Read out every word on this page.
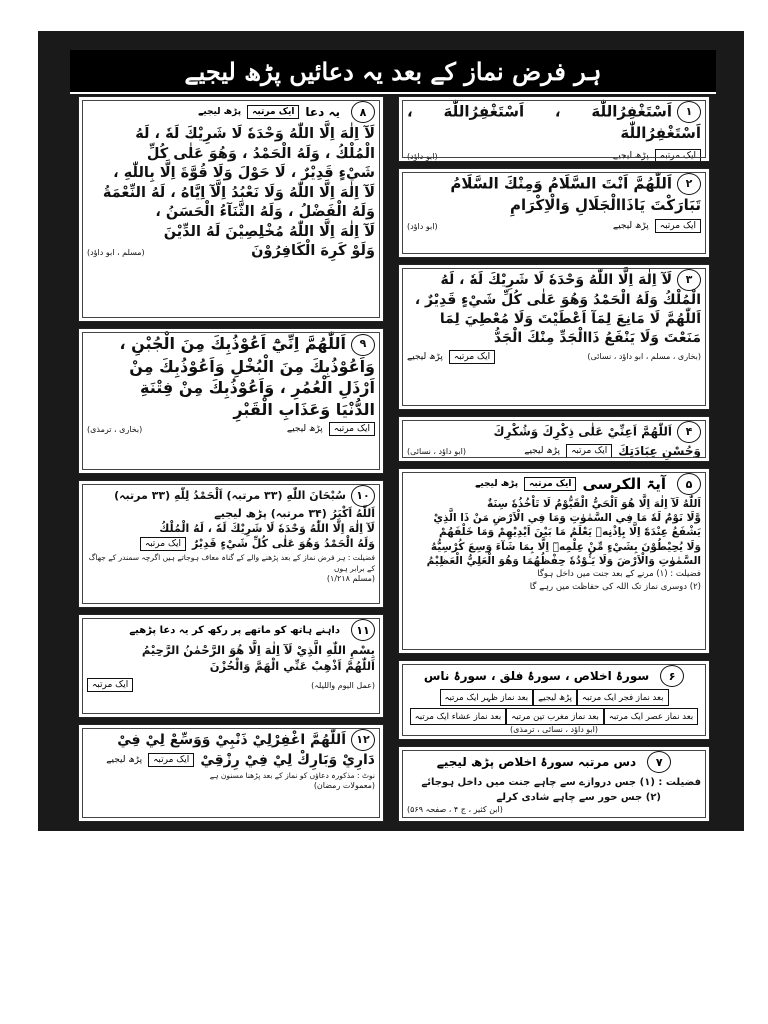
ہر فرض نماز کے بعد یہ دعائیں پڑھ لیجیے
۱اَسْتَغْفِرُاللّٰهَ ، اَسْتَغْفِرُاللّٰهَ ، اَسْتَغْفِرُاللّٰهَ
ایک مرتبہ
پڑھ لیجیے
(ابو داؤد)
۲اَللّٰهُمَّ اَنْتَ السَّلَامُ وَمِنْكَ السَّلَامُ
تَبَارَكْتَ يَاذَاالْجَلَالِ وَالْاِكْرَامِ
ایک مرتبہ
پڑھ لیجیے
(ابو داؤد)
۳لَآ اِلٰهَ اِلَّا اللّٰهُ وَحْدَهٗ لَا شَرِيْكَ لَهٗ ، لَهُ
الْمُلْكُ وَلَهُ الْحَمْدُ وَهُوَ عَلٰى كُلِّ شَيْءٍ قَدِيْرٌ ،
اَللّٰهُمَّ لَا مَانِعَ لِمَآ اَعْطَيْتَ وَلَا مُعْطِيَ لِمَا
مَنَعْتَ وَلَا يَنْفَعُ ذَاالْجَدِّ مِنْكَ الْجَدُّ
(بخاری ، مسلم ، ابو داؤد ، نسائی)
ایک مرتبہ
پڑھ لیجیے
۴اَللّٰهُمَّ اَعِنِّيْ عَلٰى ذِكْرِكَ وَشُكْرِكَ
وَحُسْنِ عِبَادَتِكَ
ایک مرتبہ
پڑھ لیجیے
(ابو داؤد ، نسائی)
۵
آیۃ الکرسی
ایک مرتبہ
پڑھ لیجیے
اَللّٰهُ لَآ اِلٰهَ اِلَّا هُوَ اَلْحَيُّ الْقَيُّوْمُ لَا تَاْخُذُهٗ سِنَةٌ
وَّلَا نَوْمٌ لَهٗ مَا فِي السَّمٰوٰتِ وَمَا فِي الْاَرْضِ مَنْ ذَا الَّذِيْ
يَشْفَعُ عِنْدَهٗٓ اِلَّا بِاِذْنِهٖ يَعْلَمُ مَا بَيْنَ اَيْدِيْهِمْ وَمَا خَلْفَهُمْ
وَلَا يُحِيْطُوْنَ بِشَيْءٍ مِّنْ عِلْمِهٖٓ اِلَّا بِمَا شَآءَ وَسِعَ كُرْسِيُّهُ
السَّمٰوٰتِ وَالْاَرْضَ وَلَا يَـُٔوْدُهٗ حِفْظُهُمَا وَهُوَ الْعَلِيُّ الْعَظِيْمُ
فضیلت : (۱) مرنے کے بعد جنت میں داخل ہوگا
(۲) دوسری نماز تک اللہ کی حفاظت میں رہے گا
۶
سورۂ اخلاص ، سورۂ فلق ، سورۂ ناس
بعد نماز فجر ایک مرتبہ
پڑھ لیجیے
بعد نماز ظہر ایک مرتبہ
بعد نماز عصر ایک مرتبہ
بعد نماز مغرب تین مرتبہ
بعد نماز عشاء ایک مرتبہ
(ابو داؤد ، نسائی ، ترمذی)
۷
دس مرتبہ سورۂ اخلاص پڑھ لیجیے
فضیلت : (۱) جس دروازے سے چاہے جنت میں داخل ہوجائے
(۲) جس حور سے چاہے شادی کرلے
(ابن کثیر ، ج ۴ ، صفحہ ۵۶۹)
۸
یہ دعا
ایک مرتبہ
پڑھ لیجیے
لَآ اِلٰهَ اِلَّا اللّٰهُ وَحْدَهٗ لَا شَرِيْكَ لَهٗ ، لَهُ
الْمُلْكُ ، وَلَهُ الْحَمْدُ ، وَهُوَ عَلٰى كُلِّ
شَيْءٍ قَدِيْرٌ ، لَا حَوْلَ وَلَا قُوَّةَ اِلَّا بِاللّٰهِ ،
لَآ اِلٰهَ اِلَّا اللّٰهُ وَلَا نَعْبُدُ اِلَّآ اِيَّاهُ ، لَهُ النِّعْمَةُ
وَلَهُ الْفَضْلُ ، وَلَهُ الثَّنَآءُ الْحَسَنُ ،
لَآ اِلٰهَ اِلَّا اللّٰهُ مُخْلِصِيْنَ لَهُ الدِّيْنَ
وَلَوْ كَرِهَ الْكَافِرُوْنَ
(مسلم ، ابو داؤد)
۹اَللّٰهُمَّ اِنِّيْٓ اَعُوْذُبِكَ مِنَ الْجُبْنِ ،
وَاَعُوْذُبِكَ مِنَ الْبُخْلِ وَاَعُوْذُبِكَ مِنْ
اَرْذَلِ الْعُمُرِ ، وَاَعُوْذُبِكَ مِنْ فِتْنَةِ
الدُّنْيَا وَعَذَابِ الْقَبْرِ
ایک مرتبہ
پڑھ لیجیے
(بخاری ، ترمذی)
۱۰سُبْحَانَ اللّٰهِ (۳۳ مرتبہ) اَلْحَمْدُ لِلّٰهِ (۳۳ مرتبہ)
اَللّٰهُ اَكْبَرُ (۳۴ مرتبہ) پڑھ لیجیے
لَآ اِلٰهَ اِلَّا اللّٰهُ وَحْدَهٗ لَا شَرِيْكَ لَهٗ ، لَهُ الْمُلْكُ
وَلَهُ الْحَمْدُ وَهُوَ عَلٰى كُلِّ شَيْءٍ قَدِيْرٌ
ایک مرتبہ
فضیلت : ہر فرض نماز کے بعد پڑھنے والے کے گناہ معاف ہوجاتے ہیں اگرچہ سمندر کے جھاگ کے برابر ہوں
(مسلم ۱/۲۱۸)
۱۱
داہنے ہاتھ کو ماتھے پر رکھ کر یہ دعا پڑھیے
بِسْمِ اللّٰهِ الَّذِيْ لَآ اِلٰهَ اِلَّا هُوَ الرَّحْمٰنُ الرَّحِيْمُ
اَللّٰهُمَّ اَذْهِبْ عَنِّي الْهَمَّ وَالْحُزْنَ
(عمل الیوم واللیلہ)
ایک مرتبہ
۱۲اَللّٰهُمَّ اغْفِرْلِيْ ذَنْبِيْ وَوَسِّعْ لِيْ فِيْ
دَارِيْ وَبَارِكْ لِيْ فِيْ رِزْقِيْ
ایک مرتبہ
پڑھ لیجیے
نوٹ : مذکورہ دعاؤں کو نماز کے بعد پڑھنا مسنون ہے
(معمولات رمضان)
